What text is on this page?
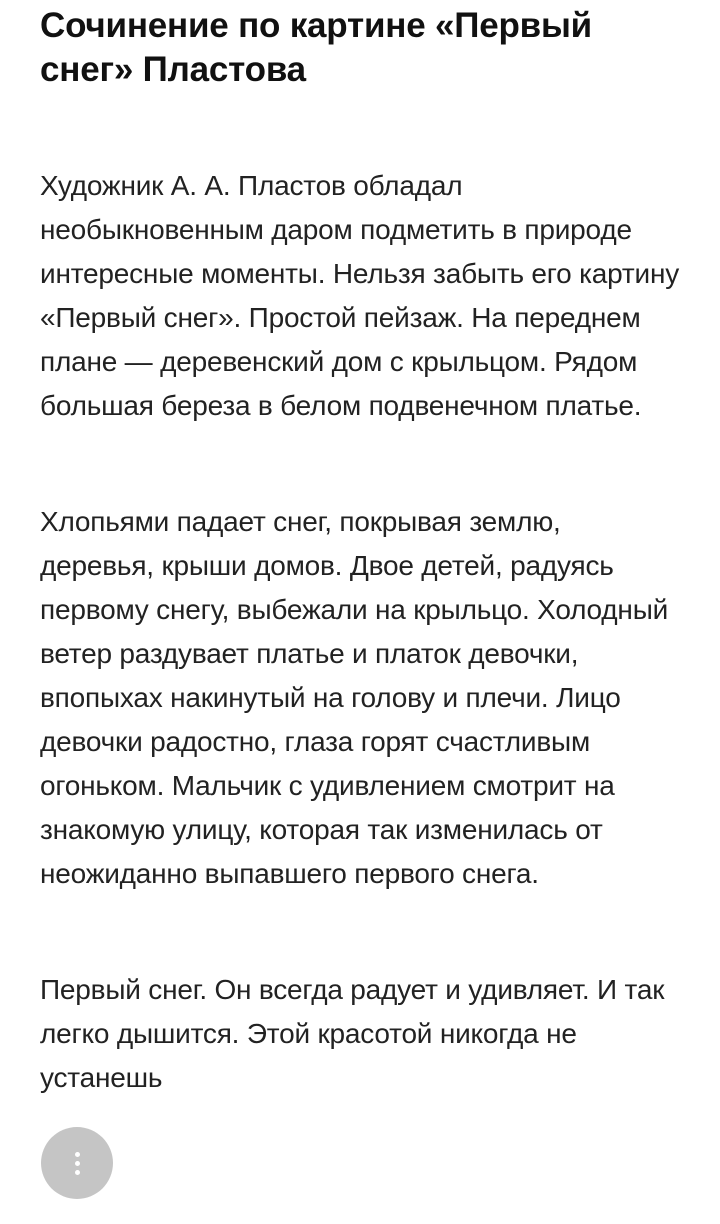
Сочинение по картине «Первый снег» Пластова

Художник А. А. Пластов обладал необыкновенным даром подметить в природе интересные моменты. Нельзя забыть его картину «Первый снег». Простой пейзаж. На переднем плане — деревенский дом с крыльцом. Рядом большая береза в белом подвенечном платье.

Хлопьями падает снег, покрывая землю, деревья, крыши домов. Двое детей, радуясь первому снегу, выбежали на крыльцо. Холодный ветер раздувает платье и платок девочки, впопыхах накинутый на голову и плечи. Лицо девочки радостно, глаза горят счастливым огоньком. Мальчик с удивлением смотрит на знакомую улицу, которая так изменилась от неожиданно выпавшего первого снега.

Первый снег. Он всегда радует и удивляет. И так легко дышится. Этой красотой никогда не устанешь
